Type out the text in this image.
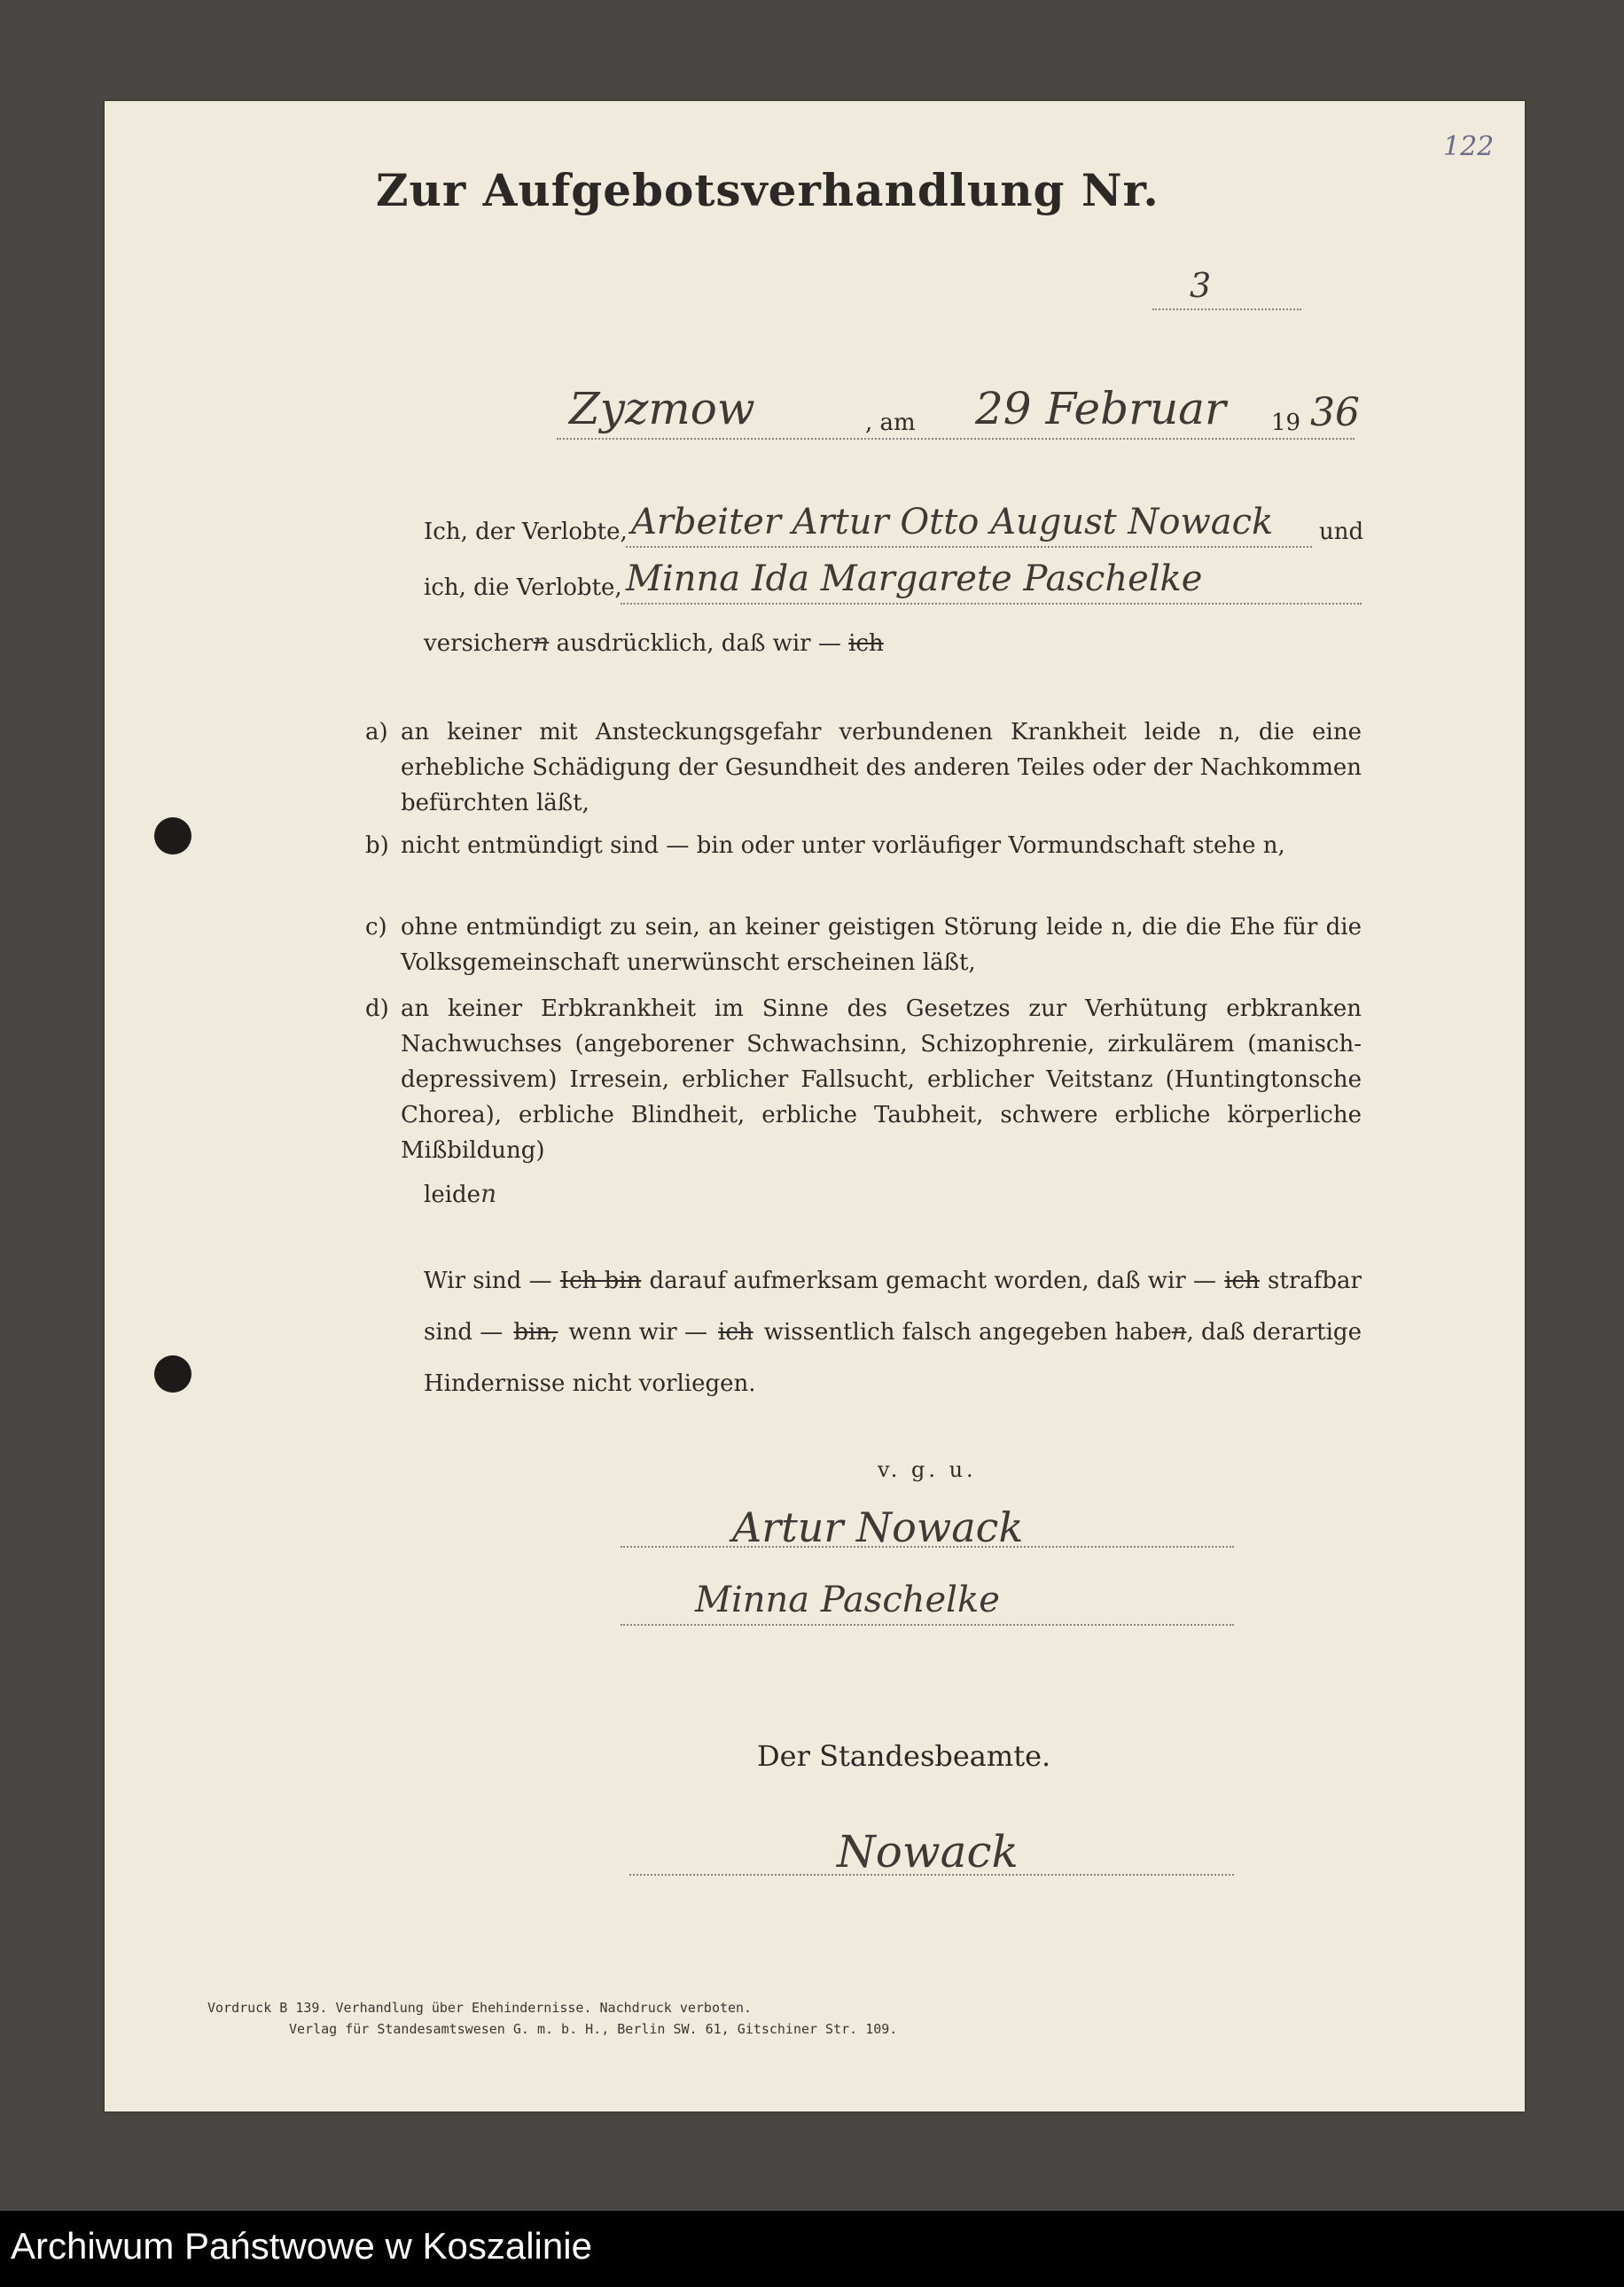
122
Zur Aufgebotsverhandlung Nr.
3
Zyzmow	, am 29 Februar 19 36
Ich, der Verlobte, Arbeiter Artur Otto August Nowack und
ich, die Verlobte, Minna Ida Margarete Paschelke
versichern ausdrücklich, daß wir — ich
a) an keiner mit Ansteckungsgefahr verbundenen Krankheit leide n, die eine erhebliche Schädigung der Gesundheit des anderen Teiles oder der Nachkommen befürchten läßt,
b) nicht entmündigt sind — bin oder unter vorläufiger Vormundschaft stehe n,
c) ohne entmündigt zu sein, an keiner geistigen Störung leide n, die die Ehe für die Volksgemeinschaft unerwünscht erscheinen läßt,
d) an keiner Erbkrankheit im Sinne des Gesetzes zur Verhütung erbkranken Nachwuchses (angeborener Schwachsinn, Schizophrenie, zirkulärem (manisch-depressivem) Irresein, erblicher Fallsucht, erblicher Veitstanz (Huntingtonsche Chorea), erbliche Blindheit, erbliche Taubheit, schwere erbliche körperliche Mißbildung)
leiden
Wir sind — Ich bin darauf aufmerksam gemacht worden, daß wir — ich strafbar
sind — bin, wenn wir — ich wissentlich falsch angegeben haben, daß derartige
Hindernisse nicht vorliegen.
v. g. u.
Artur Nowack
Minna Paschelke
Der Standesbeamte.
Nowack
Vordruck B 139. Verhandlung über Ehehindernisse. Nachdruck verboten.
Verlag für Standesamtswesen G. m. b. H., Berlin SW. 61, Gitschiner Str. 109.
Archiwum Państwowe w Koszalinie
